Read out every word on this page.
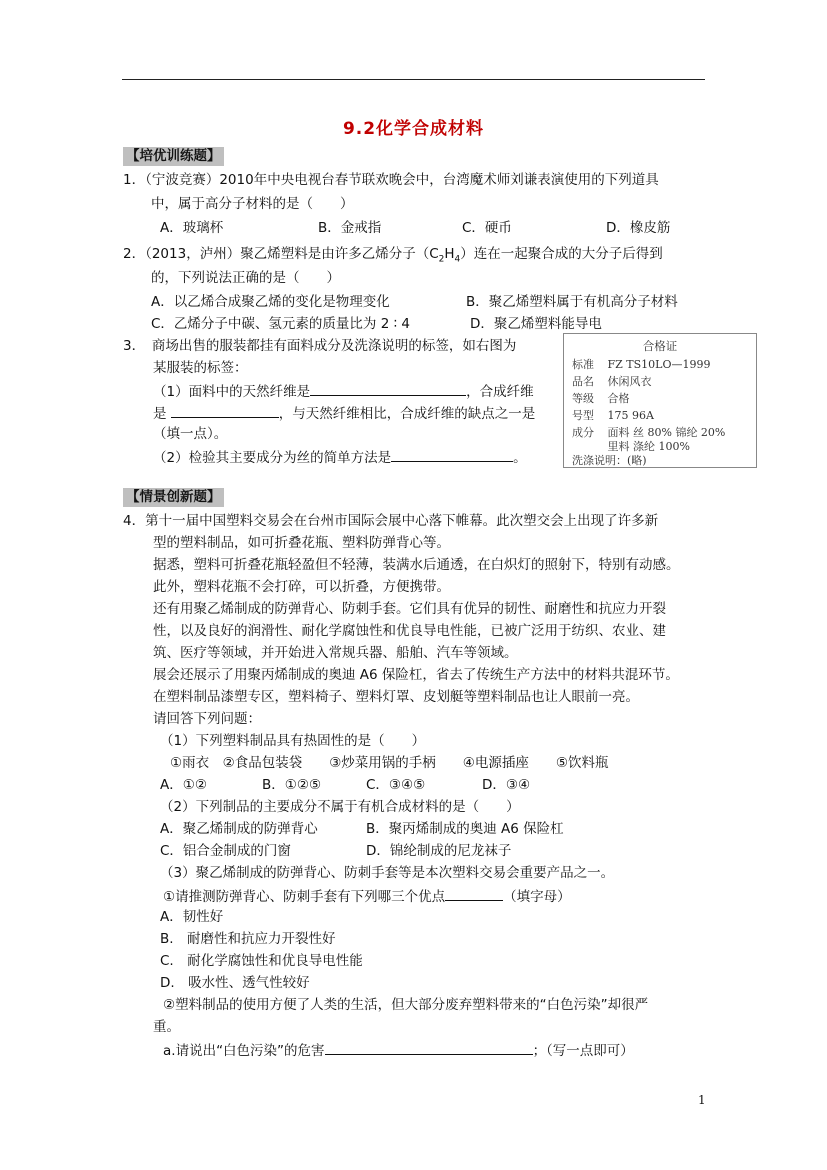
9.2化学合成材料
【培优训练题】
1．（宁波竞赛）2010年中央电视台春节联欢晚会中，台湾魔术师刘谦表演使用的下列道具
中，属于高分子材料的是（　　）
A．玻璃杯	B．金戒指	C．硬币	D．橡皮筋
2．（2013，泸州）聚乙烯塑料是由许多乙烯分子$(C_2H_4)$连在一起聚合成的大分子后得到
的，下列说法正确的是（　　）
A．以乙烯合成聚乙烯的变化是物理变化	B．聚乙烯塑料属于有机高分子材料
C．乙烯分子中碳、氢元素的质量比为 2 ∶ 4	D．聚乙烯塑料能导电
3．　商场出售的服装都挂有面料成分及洗涤说明的标签，如右图为
某服装的标签：
（1）面料中的天然纤维是	，合成纤维
是	，与天然纤维相比，合成纤维的缺点之一是
（填一点）。
（2）检验其主要成分为丝的简单方法是	。
合格证
标准 FZ TS10LO—1999
品名 休闲风衣
等级 合格
号型 175 96A
成分 面料 丝 80% 锦纶 20%
里料 涤纶 100%
洗涤说明：(略)
【情景创新题】
4．第十一届中国塑料交易会在台州市国际会展中心落下帷幕。此次塑交会上出现了许多新
型的塑料制品，如可折叠花瓶、塑料防弹背心等。
据悉，塑料可折叠花瓶轻盈但不轻薄，装满水后通透，在白炽灯的照射下，特别有动感。
此外，塑料花瓶不会打碎，可以折叠，方便携带。
还有用聚乙烯制成的防弹背心、防刺手套。它们具有优异的韧性、耐磨性和抗应力开裂
性，以及良好的润滑性、耐化学腐蚀性和优良导电性能，已被广泛用于纺织、农业、建
筑、医疗等领域，并开始进入常规兵器、船舶、汽车等领域。
展会还展示了用聚丙烯制成的奥迪 A6 保险杠，省去了传统生产方法中的材料共混环节。
在塑料制品漆塑专区，塑料椅子、塑料灯罩、皮划艇等塑料制品也让人眼前一亮。
请回答下列问题：
（1）下列塑料制品具有热固性的是（　　）
①雨衣　②食品包装袋　　③炒菜用锅的手柄　　④电源插座　　⑤饮料瓶
A．①②	B．①②⑤	C．③④⑤	D．③④
（2）下列制品的主要成分不属于有机合成材料的是（　　）
A．聚乙烯制成的防弹背心	B．聚丙烯制成的奥迪 A6 保险杠
C．铝合金制成的门窗	D．锦纶制成的尼龙袜子
（3）聚乙烯制成的防弹背心、防刺手套等是本次塑料交易会重要产品之一。
①请推测防弹背心、防刺手套有下列哪三个优点	（填字母）
A．韧性好
B.　耐磨性和抗应力开裂性好
C.　耐化学腐蚀性和优良导电性能
D.　吸水性、透气性较好
②塑料制品的使用方便了人类的生活，但大部分废弃塑料带来的“白色污染”却很严
重。
a.请说出“白色污染”的危害	；（写一点即可）
1
